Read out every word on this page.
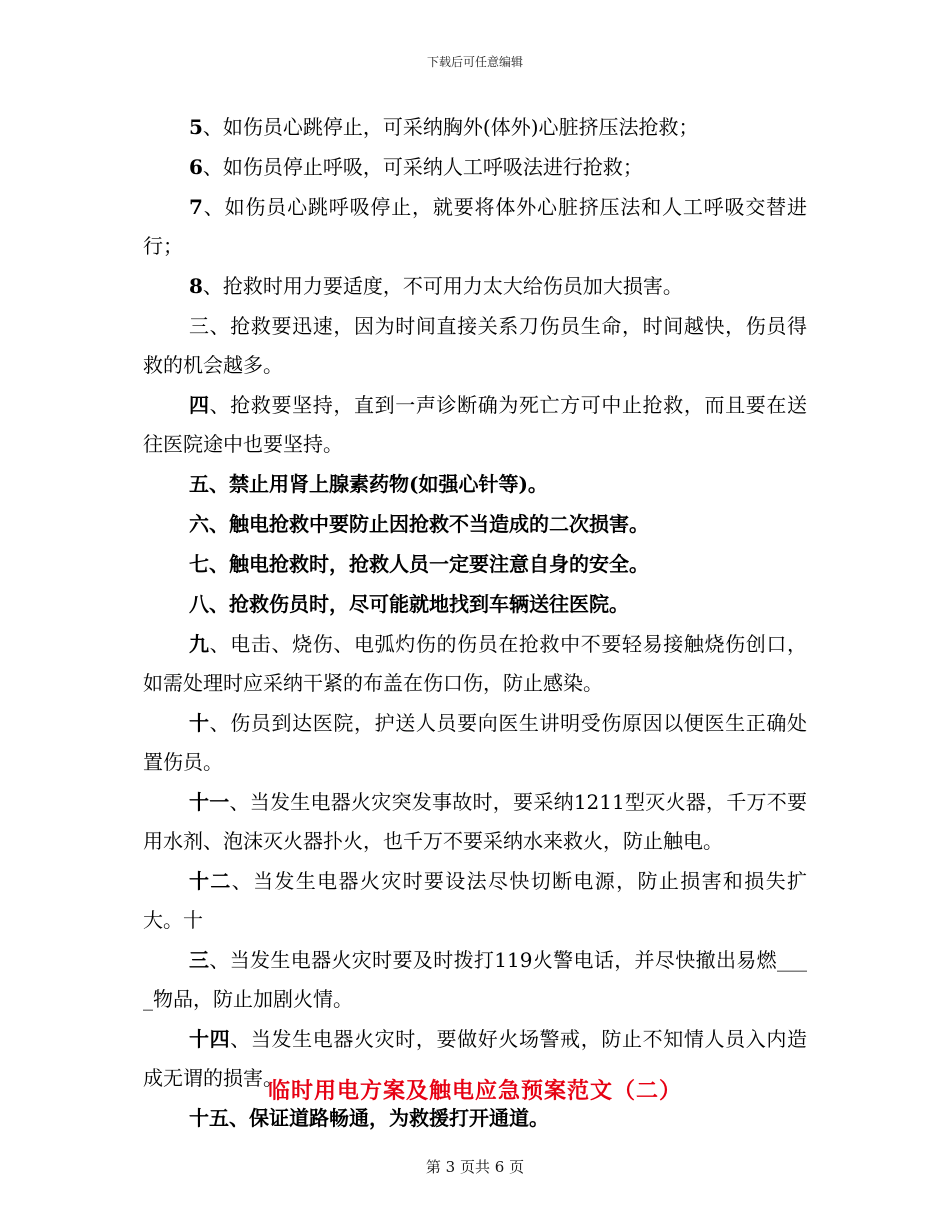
下载后可任意编辑

5、如伤员心跳停止，可采纳胸外(体外)心脏挤压法抢救；

6、如伤员停止呼吸，可采纳人工呼吸法进行抢救；

7、如伤员心跳呼吸停止，就要将体外心脏挤压法和人工呼吸交替进行；

8、抢救时用力要适度，不可用力太大给伤员加大损害。

三、抢救要迅速，因为时间直接关系刀伤员生命，时间越快，伤员得救的机会越多。

四、抢救要坚持，直到一声诊断确为死亡方可中止抢救，而且要在送往医院途中也要坚持。

五、禁止用肾上腺素药物(如强心针等)。

六、触电抢救中要防止因抢救不当造成的二次损害。

七、触电抢救时，抢救人员一定要注意自身的安全。

八、抢救伤员时，尽可能就地找到车辆送往医院。

九、电击、烧伤、电弧灼伤的伤员在抢救中不要轻易接触烧伤创口，如需处理时应采纳干紧的布盖在伤口伤，防止感染。

十、伤员到达医院，护送人员要向医生讲明受伤原因以便医生正确处置伤员。

十一、当发生电器火灾突发事故时，要采纳1211型灭火器，千万不要用水剂、泡沫灭火器扑火，也千万不要采纳水来救火，防止触电。

十二、当发生电器火灾时要设法尽快切断电源，防止损害和损失扩大。十

三、当发生电器火灾时要及时拨打119火警电话，并尽快撤出易燃____物品，防止加剧火情。

十四、当发生电器火灾时，要做好火场警戒，防止不知情人员入内造成无谓的损害。

十五、保证道路畅通，为救援打开通道。

临时用电方案及触电应急预案范文（二）
第 3 页共 6 页
